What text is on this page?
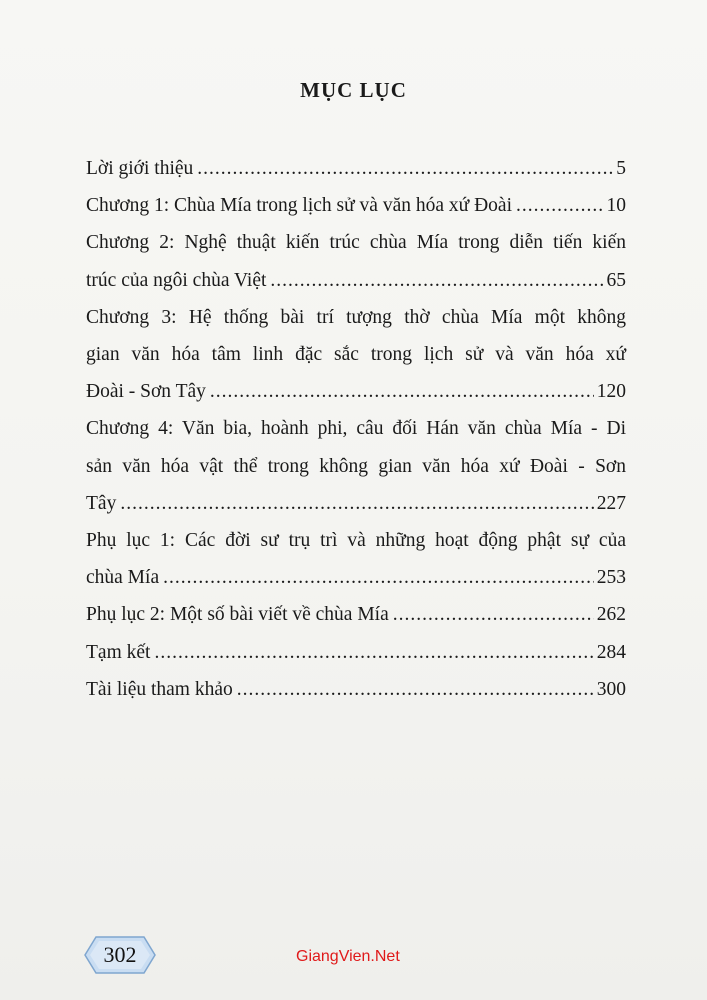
MỤC LỤC
Lời giới thiệu .....	5
Chương 1: Chùa Mía trong lịch sử và văn hóa xứ Đoài .....	10
Chương 2: Nghệ thuật kiến trúc chùa Mía trong diễn tiến kiến
trúc của ngôi chùa Việt .....	65
Chương 3: Hệ thống bài trí tượng thờ chùa Mía một không
gian văn hóa tâm linh đặc sắc trong lịch sử và văn hóa xứ
Đoài - Sơn Tây .....	120
Chương 4: Văn bia, hoành phi, câu đối Hán văn chùa Mía - Di
sản văn hóa vật thể trong không gian văn hóa xứ Đoài - Sơn
Tây .....	227
Phụ lục 1: Các đời sư trụ trì và những hoạt động phật sự của
chùa Mía .....	253
Phụ lục 2: Một số bài viết về chùa Mía .....	262
Tạm kết .....	284
Tài liệu tham khảo .....	300
302	GiangVien.Net
